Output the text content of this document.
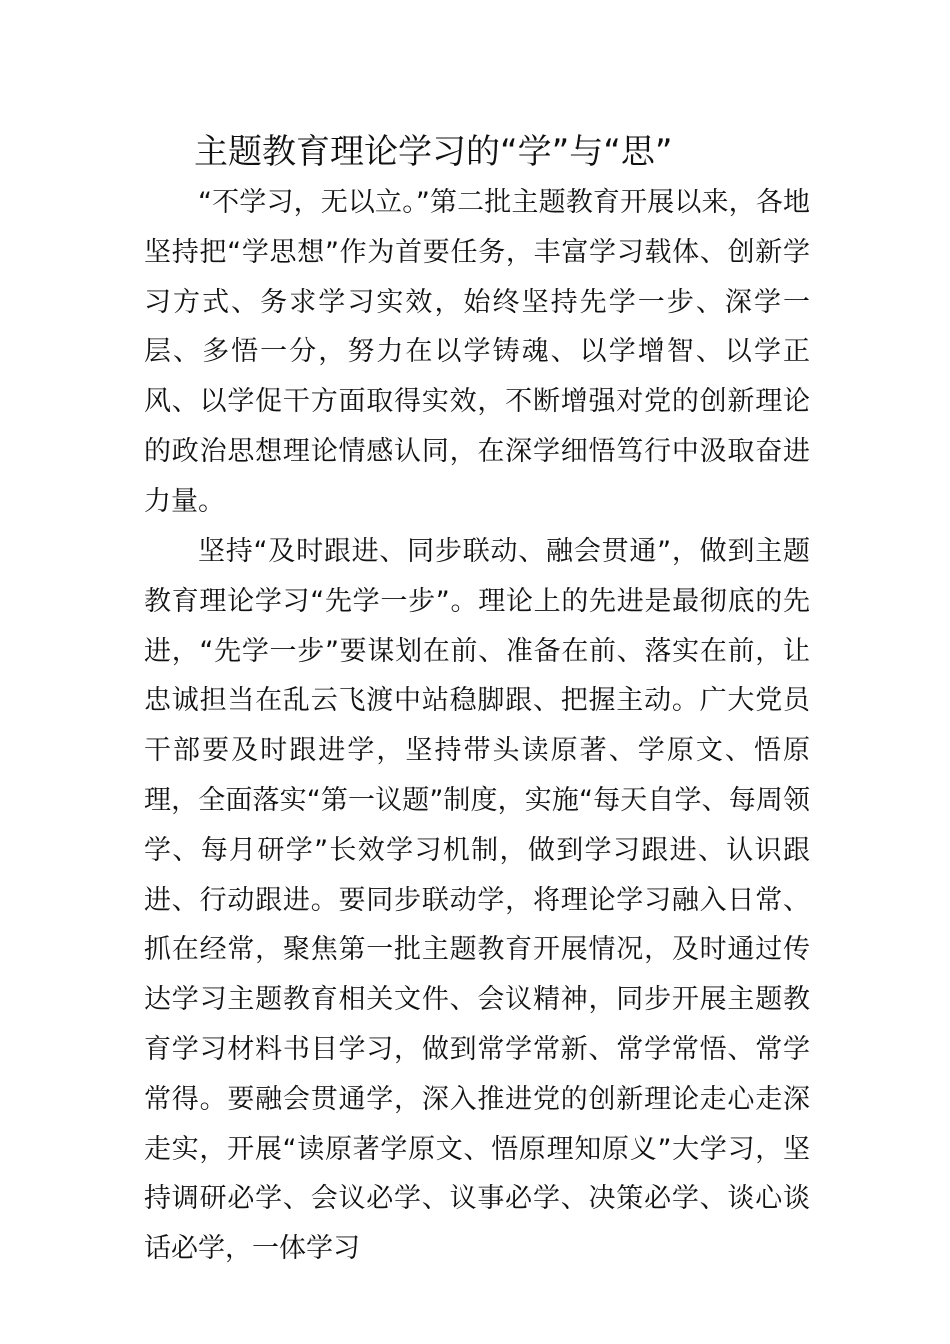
主题教育理论学习的“学”与“思”

“不学习，无以立。”第二批主题教育开展以来，各地坚持把“学思想”作为首要任务，丰富学习载体、创新学习方式、务求学习实效，始终坚持先学一步、深学一层、多悟一分，努力在以学铸魂、以学增智、以学正风、以学促干方面取得实效，不断增强对党的创新理论的政治思想理论情感认同，在深学细悟笃行中汲取奋进力量。

坚持“及时跟进、同步联动、融会贯通”，做到主题教育理论学习“先学一步”。理论上的先进是最彻底的先进，“先学一步”要谋划在前、准备在前、落实在前，让忠诚担当在乱云飞渡中站稳脚跟、把握主动。广大党员干部要及时跟进学，坚持带头读原著、学原文、悟原理，全面落实“第一议题”制度，实施“每天自学、每周领学、每月研学”长效学习机制，做到学习跟进、认识跟进、行动跟进。要同步联动学，将理论学习融入日常、抓在经常，聚焦第一批主题教育开展情况，及时通过传达学习主题教育相关文件、会议精神，同步开展主题教育学习材料书目学习，做到常学常新、常学常悟、常学常得。要融会贯通学，深入推进党的创新理论走心走深走实，开展“读原著学原文、悟原理知原义”大学习，坚持调研必学、会议必学、议事必学、决策必学、谈心谈话必学，一体学习
